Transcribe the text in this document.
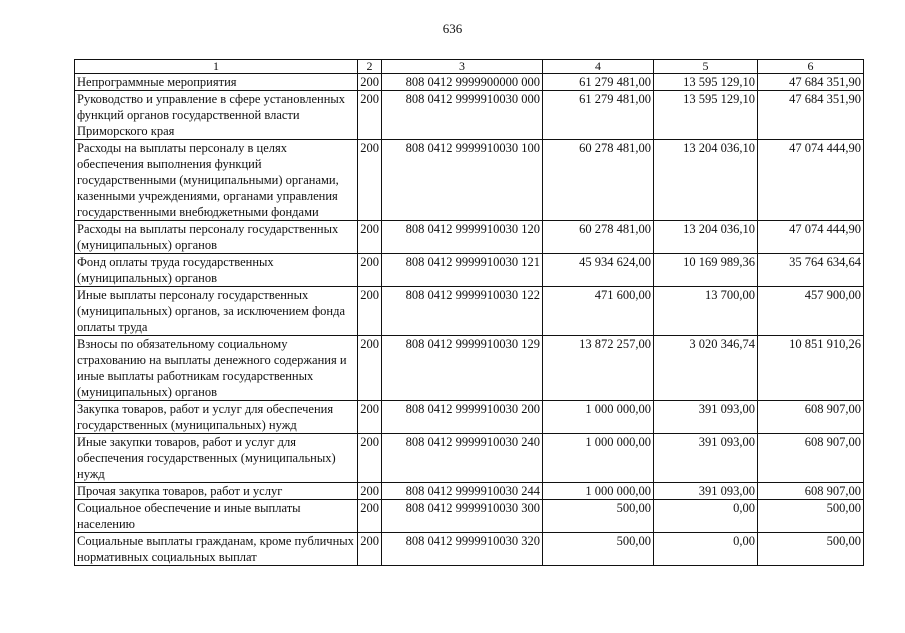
636
1	2	3	4	5	6
Непрограммные мероприятия	200	808 0412 9999900000 000	61 279 481,00	13 595 129,10	47 684 351,90
Руководство и управление в сфере установленных функций органов государственной власти Приморского края	200	808 0412 9999910030 000	61 279 481,00	13 595 129,10	47 684 351,90
Расходы на выплаты персоналу в целях обеспечения выполнения функций государственными (муниципальными) органами, казенными учреждениями, органами управления государственными внебюджетными фондами	200	808 0412 9999910030 100	60 278 481,00	13 204 036,10	47 074 444,90
Расходы на выплаты персоналу государственных (муниципальных) органов	200	808 0412 9999910030 120	60 278 481,00	13 204 036,10	47 074 444,90
Фонд оплаты труда государственных (муниципальных) органов	200	808 0412 9999910030 121	45 934 624,00	10 169 989,36	35 764 634,64
Иные выплаты персоналу государственных (муниципальных) органов, за исключением фонда оплаты труда	200	808 0412 9999910030 122	471 600,00	13 700,00	457 900,00
Взносы по обязательному социальному страхованию на выплаты денежного содержания и иные выплаты работникам государственных (муниципальных) органов	200	808 0412 9999910030 129	13 872 257,00	3 020 346,74	10 851 910,26
Закупка товаров, работ и услуг для обеспечения государственных (муниципальных) нужд	200	808 0412 9999910030 200	1 000 000,00	391 093,00	608 907,00
Иные закупки товаров, работ и услуг для обеспечения государственных (муниципальных) нужд	200	808 0412 9999910030 240	1 000 000,00	391 093,00	608 907,00
Прочая закупка товаров, работ и услуг	200	808 0412 9999910030 244	1 000 000,00	391 093,00	608 907,00
Социальное обеспечение и иные выплаты населению	200	808 0412 9999910030 300	500,00	0,00	500,00
Социальные выплаты гражданам, кроме публичных нормативных социальных выплат	200	808 0412 9999910030 320	500,00	0,00	500,00
